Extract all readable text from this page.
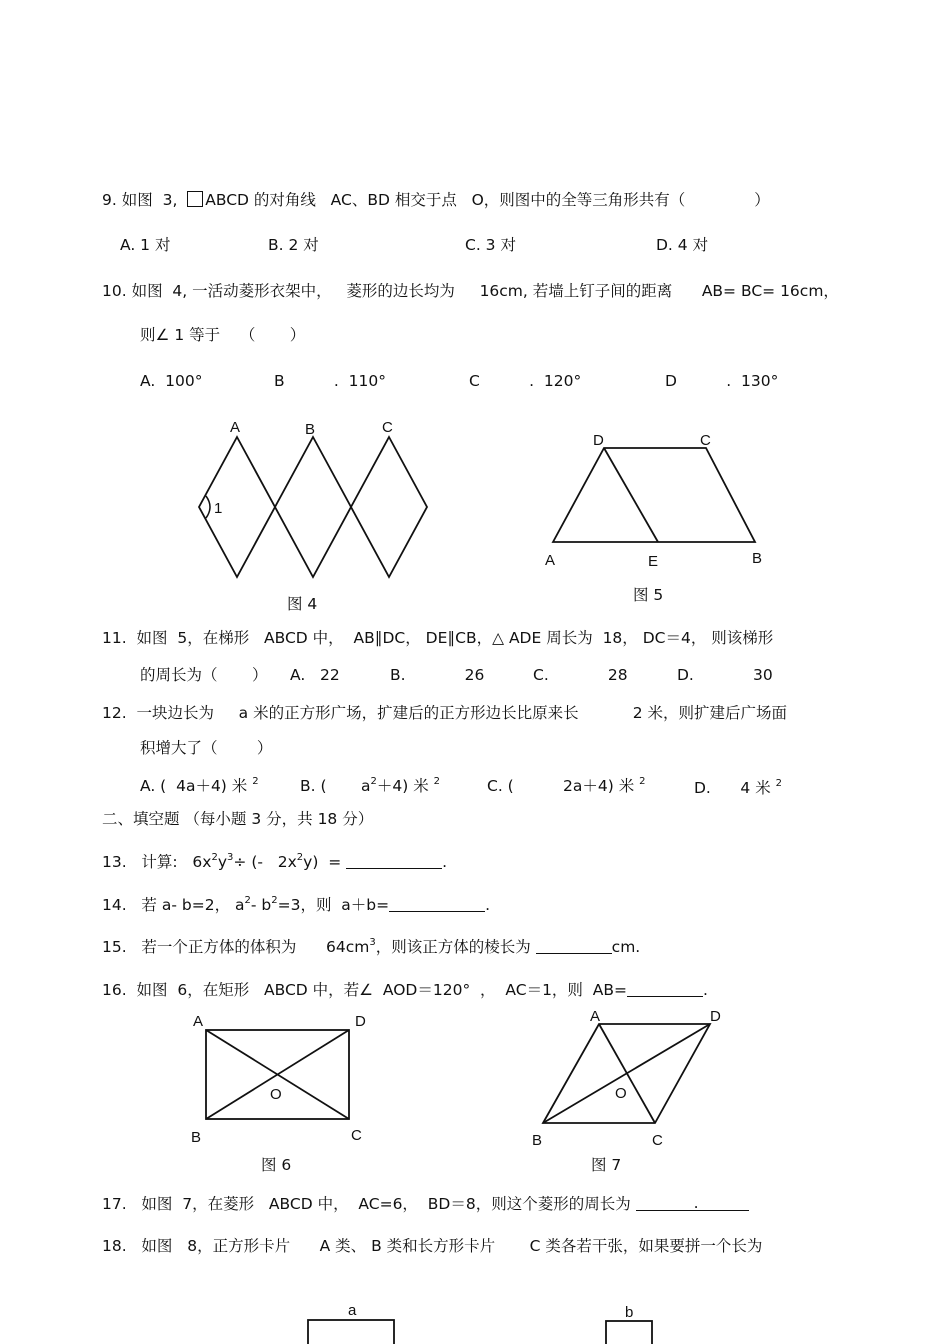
9. 如图  3,  ABCD 的对角线   AC、BD 相交于点   O，则图中的全等三角形共有（              ）
A. 1 对	B. 2 对	C. 3 对	D. 4 对
10. 如图  4, 一活动菱形衣架中，   菱形的边长均为     16cm, 若墙上钉子间的距离      AB= BC= 16cm，
则∠ 1 等于    （       ）
A.  100°	B          .  110°	C          .  120°	D          .  130°
A	B	C
1
图 4
D	C
A	E	B
图 5
11.  如图  5，在梯形   ABCD 中，  AB∥DC， DE∥CB，△ ADE 周长为  18， DC＝4， 则该梯形
的周长为（       ） A.   22	B.            26	C.            28	D.            30
12.  一块边长为     a 米的正方形广场，扩建后的正方形边长比原来长           2 米，则扩建后广场面
积增大了（        ）
A. (  4a＋4) 米 $^2$	B. (       $a^2+4$) 米 $^2$	C. (          2a＋4) 米 $^2$	D.      4 米 $^2$
二、填空题 （每小题 3 分，共 18 分）
13.   计算:   $6x^2y^3\div$ (-   $2x^2y$)  =	.
14.   若 a- b=2， $a^2-$ $b^2=3$，则  a＋b=	.
15.   若一个正方体的体积为      $64cm^3$，则该正方体的棱长为	cm.
16.  如图  6，在矩形   ABCD 中，若∠  AOD＝120°  ，  AC＝1，则  AB=	.
A	D
O
B	C
图 6
A	D
O
B	C
图 7
17.   如图  7，在菱形   ABCD 中，  AC=6，  BD＝8，则这个菱形的周长为	.
18.   如图   8，正方形卡片      A 类、 B 类和长方形卡片       C 类各若干张，如果要拼一个长为
a	b
